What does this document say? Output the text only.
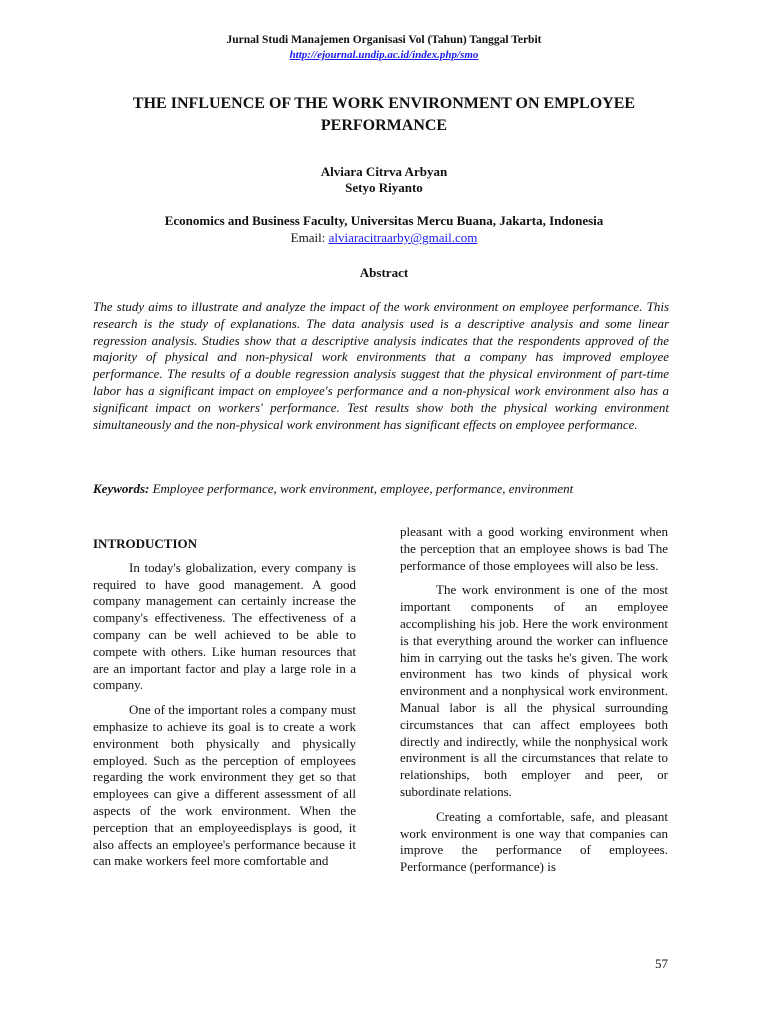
Jurnal Studi Manajemen Organisasi Vol (Tahun) Tanggal Terbit
http://ejournal.undip.ac.id/index.php/smo
THE INFLUENCE OF THE WORK ENVIRONMENT ON EMPLOYEE PERFORMANCE
Alviara Citrva Arbyan
Setyo Riyanto
Economics and Business Faculty, Universitas Mercu Buana, Jakarta, Indonesia
Email: alviaracitraarby@gmail.com
Abstract
The study aims to illustrate and analyze the impact of the work environment on employee performance. This research is the study of explanations. The data analysis used is a descriptive analysis and some linear regression analysis. Studies show that a descriptive analysis indicates that the respondents approved of the majority of physical and non-physical work environments that a company has improved employee performance. The results of a double regression analysis suggest that the physical environment of part-time labor has a significant impact on employee's performance and a non-physical work environment also has a significant impact on workers' performance. Test results show both the physical working environment simultaneously and the non-physical work environment has significant effects on employee performance.
Keywords: Employee performance, work environment, employee, performance, environment
INTRODUCTION

In today's globalization, every company is required to have good management. A good company management can certainly increase the company's effectiveness. The effectiveness of a company can be well achieved to be able to compete with others. Like human resources that are an important factor and play a large role in a company.

One of the important roles a company must emphasize to achieve its goal is to create a work environment both physically and physically employed. Such as the perception of employees regarding the work environment they get so that employees can give a different assessment of all aspects of the work environment. When the perception that an employeedisplays is good, it also affects an employee's performance because it can make workers feel more comfortable and

pleasant with a good working environment when the perception that an employee shows is bad The performance of those employees will also be less.

The work environment is one of the most important components of an employee accomplishing his job. Here the work environment is that everything around the worker can influence him in carrying out the tasks he's given. The work environment has two kinds of physical work environment and a nonphysical work environment. Manual labor is all the physical surrounding circumstances that can affect employees both directly and indirectly, while the nonphysical work environment is all the circumstances that relate to relationships, both employer and peer, or subordinate relations.

Creating a comfortable, safe, and pleasant work environment is one way that companies can improve the performance of employees. Performance (performance) is

57
